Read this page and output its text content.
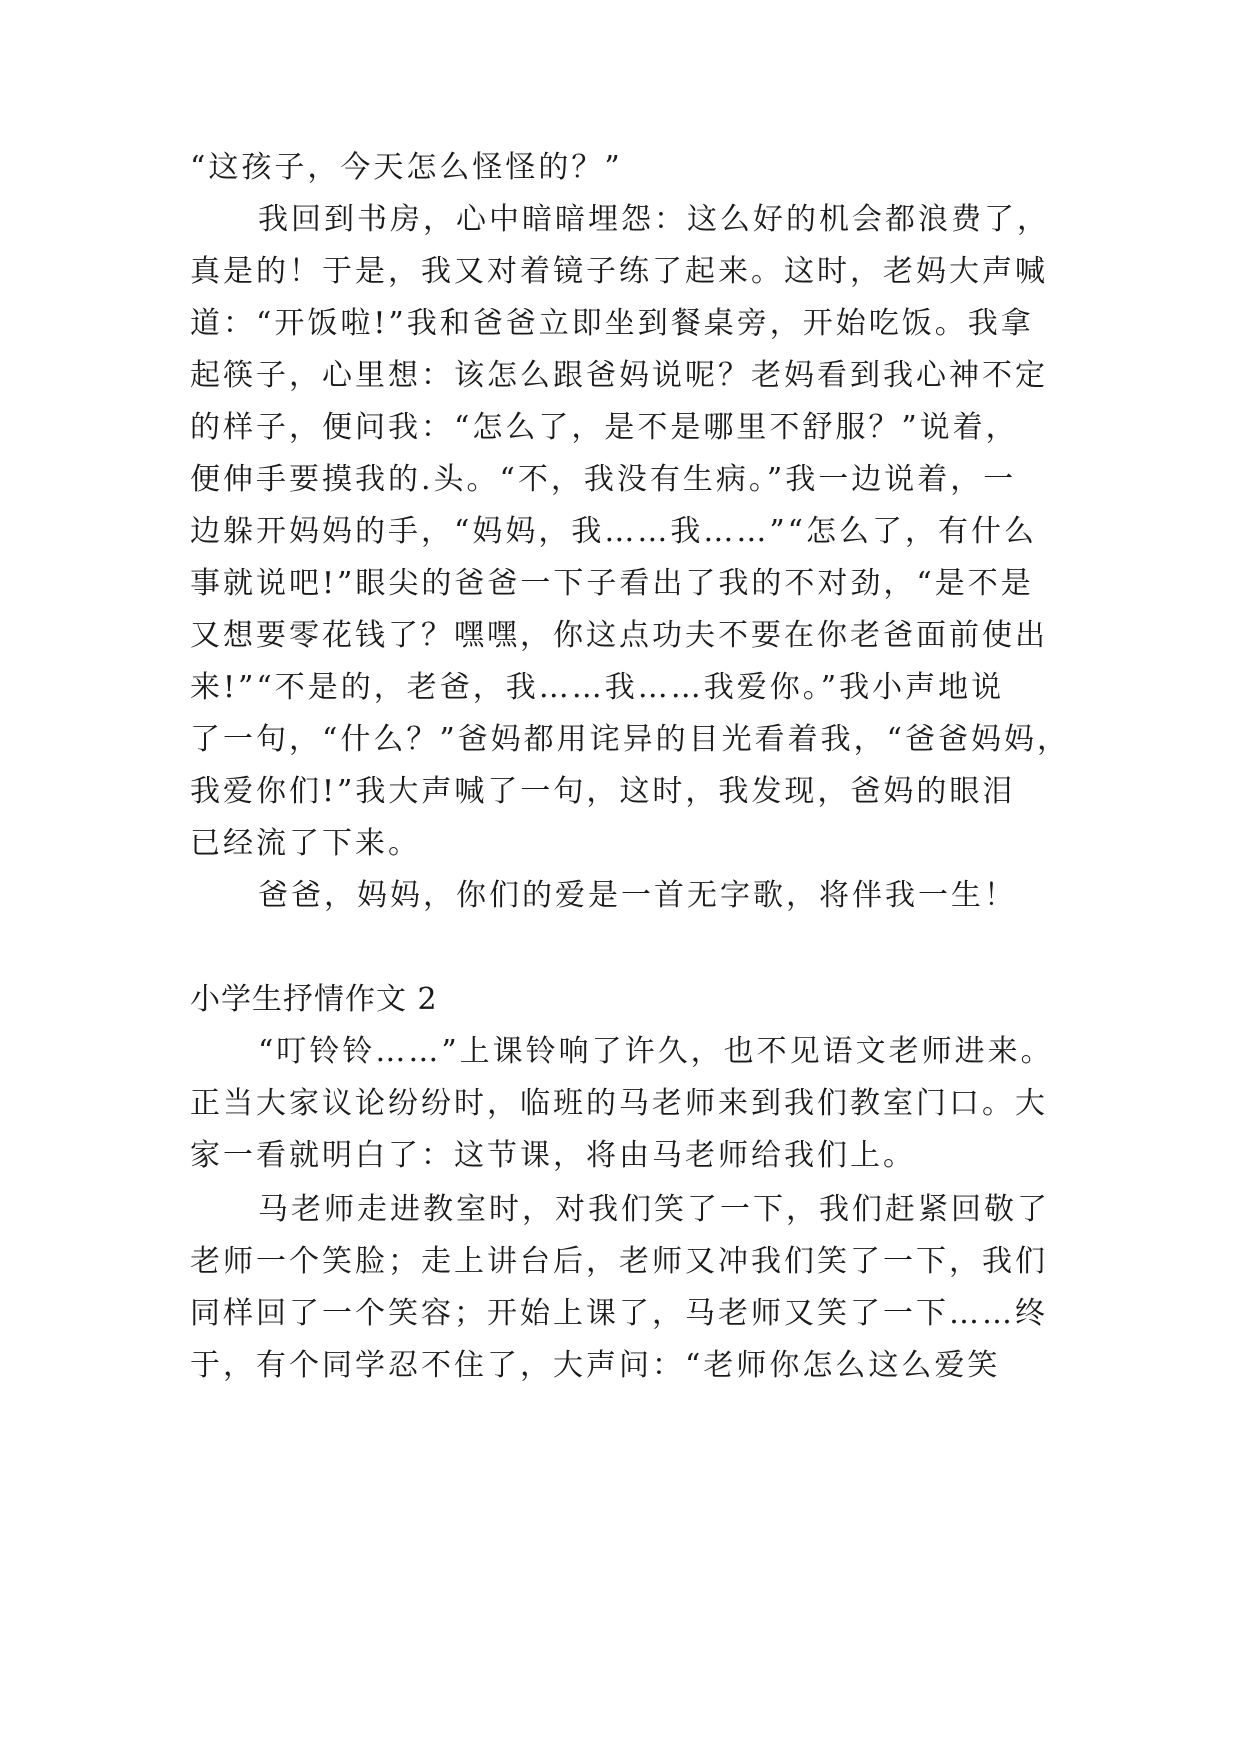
“这孩子，今天怎么怪怪的？”
我回到书房，心中暗暗埋怨：这么好的机会都浪费了，
真是的！于是，我又对着镜子练了起来。这时，老妈大声喊
道：“开饭啦!”我和爸爸立即坐到餐桌旁，开始吃饭。我拿
起筷子，心里想：该怎么跟爸妈说呢？老妈看到我心神不定
的样子，便问我：“怎么了，是不是哪里不舒服？”说着，
便伸手要摸我的.头。“不，我没有生病。”我一边说着，一
边躲开妈妈的手，“妈妈，我……我……”“怎么了，有什么
事就说吧!”眼尖的爸爸一下子看出了我的不对劲，“是不是
又想要零花钱了？嘿嘿，你这点功夫不要在你老爸面前使出
来!”“不是的，老爸，我……我……我爱你。”我小声地说
了一句，“什么？”爸妈都用诧异的目光看着我，“爸爸妈妈，
我爱你们!”我大声喊了一句，这时，我发现，爸妈的眼泪
已经流了下来。
爸爸，妈妈，你们的爱是一首无字歌，将伴我一生！
小学生抒情作文 2
“叮铃铃……”上课铃响了许久，也不见语文老师进来。
正当大家议论纷纷时，临班的马老师来到我们教室门口。大
家一看就明白了：这节课，将由马老师给我们上。
马老师走进教室时，对我们笑了一下，我们赶紧回敬了
老师一个笑脸；走上讲台后，老师又冲我们笑了一下，我们
同样回了一个笑容；开始上课了，马老师又笑了一下……终
于，有个同学忍不住了，大声问：“老师你怎么这么爱笑
